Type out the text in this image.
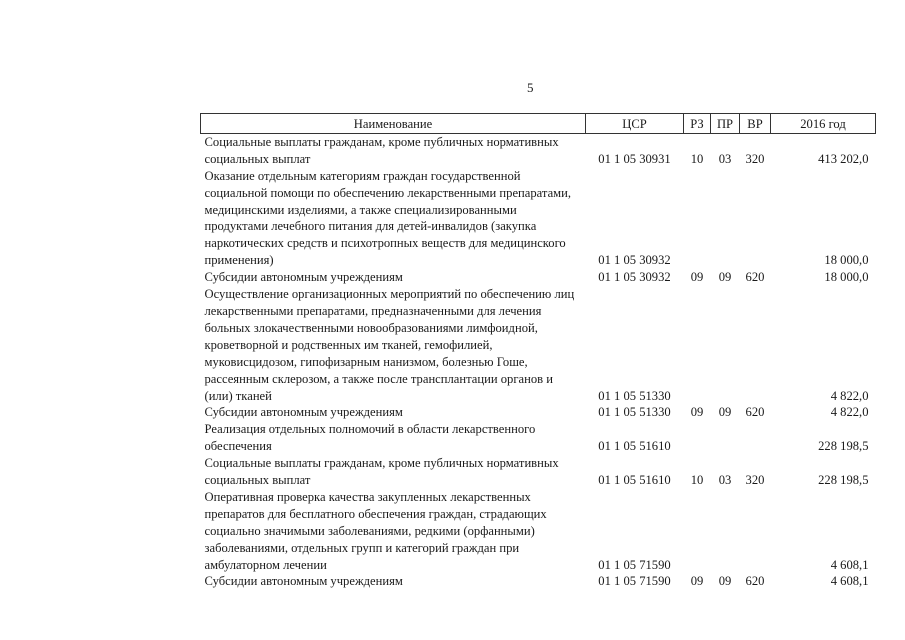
5
Наименование	ЦСР	РЗ	ПР	ВР	2016 год
Социальные выплаты гражданам, кроме публичных нормативных социальных выплат	01 1 05 30931	10	03	320	413 202,0
Оказание отдельным категориям граждан государственной социальной помощи по обеспечению лекарственными препаратами, медицинскими изделиями, а также специализированными продуктами лечебного питания для детей-инвалидов (закупка наркотических средств и психотропных веществ для медицинского применения)	01 1 05 30932				18 000,0
Субсидии автономным учреждениям	01 1 05 30932	09	09	620	18 000,0
Осуществление организационных мероприятий по обеспечению лиц лекарственными препаратами, предназначенными для лечения больных злокачественными новообразованиями лимфоидной, кроветворной и родственных им тканей, гемофилией, муковисцидозом, гипофизарным нанизмом, болезнью Гоше, рассеянным склерозом, а также после трансплантации органов и (или) тканей	01 1 05 51330				4 822,0
Субсидии автономным учреждениям	01 1 05 51330	09	09	620	4 822,0
Реализация отдельных полномочий в области лекарственного обеспечения	01 1 05 51610				228 198,5
Социальные выплаты гражданам, кроме публичных нормативных социальных выплат	01 1 05 51610	10	03	320	228 198,5
Оперативная проверка качества закупленных лекарственных препаратов для бесплатного обеспечения граждан, страдающих социально значимыми заболеваниями, редкими (орфанными) заболеваниями, отдельных групп и категорий граждан при амбулаторном лечении	01 1 05 71590				4 608,1
Субсидии автономным учреждениям	01 1 05 71590	09	09	620	4 608,1
